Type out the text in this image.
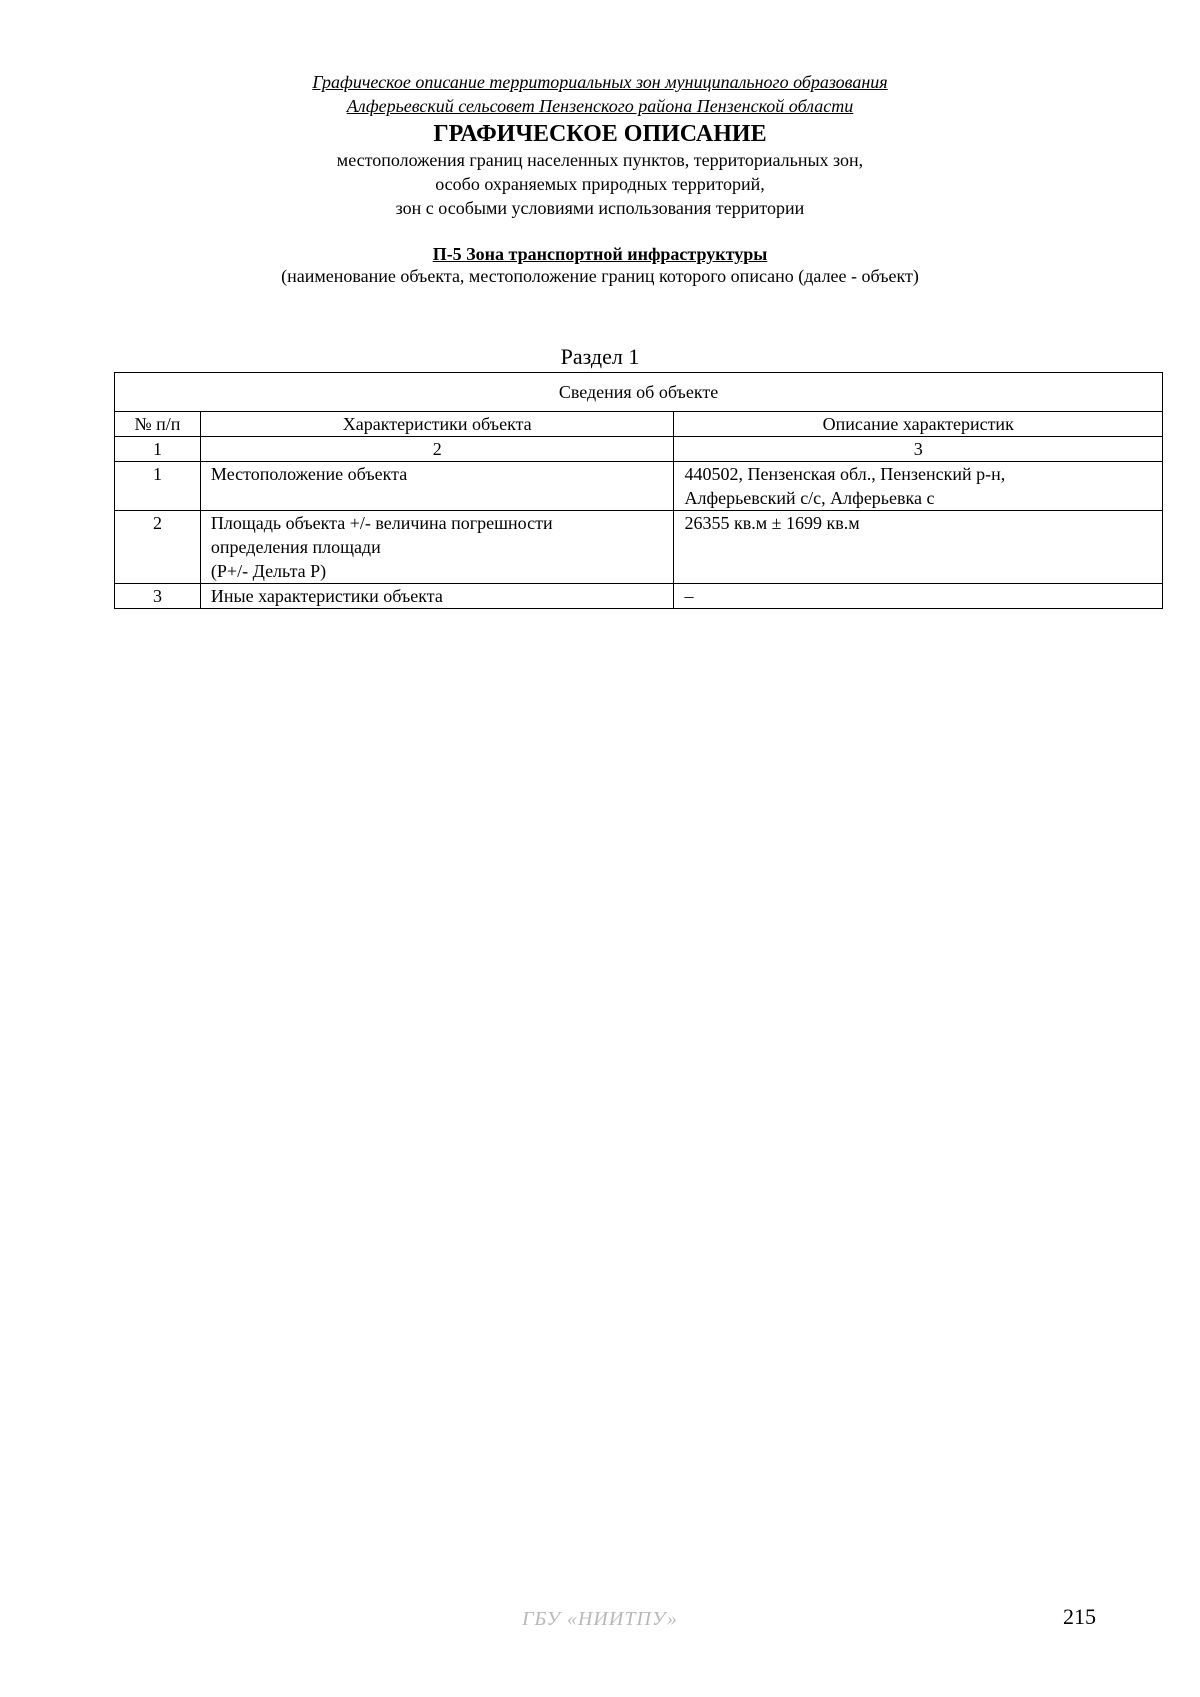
Графическое описание территориальных зон муниципального образования
Алферьевский сельсовет Пензенского района Пензенской области
ГРАФИЧЕСКОЕ ОПИСАНИЕ
местоположения границ населенных пунктов, территориальных зон,
особо охраняемых природных территорий,
зон с особыми условиями использования территории
П-5 Зона транспортной инфраструктуры
(наименование объекта, местоположение границ которого описано (далее - объект)
Раздел 1
Сведения об объекте		
№ п/п	Характеристики объекта	Описание характеристик
1	2	3
1	Местоположение объекта	440502, Пензенская обл., Пензенский р-н,
Алферьевский с/с, Алферьевка с

2	Площадь объекта +/- величина погрешности
определения площади
(Р+/- Дельта Р)	26355 кв.м ± 1699 кв.м

3	Иные характеристики объекта	–
ГБУ «НИИТПУ»	215
